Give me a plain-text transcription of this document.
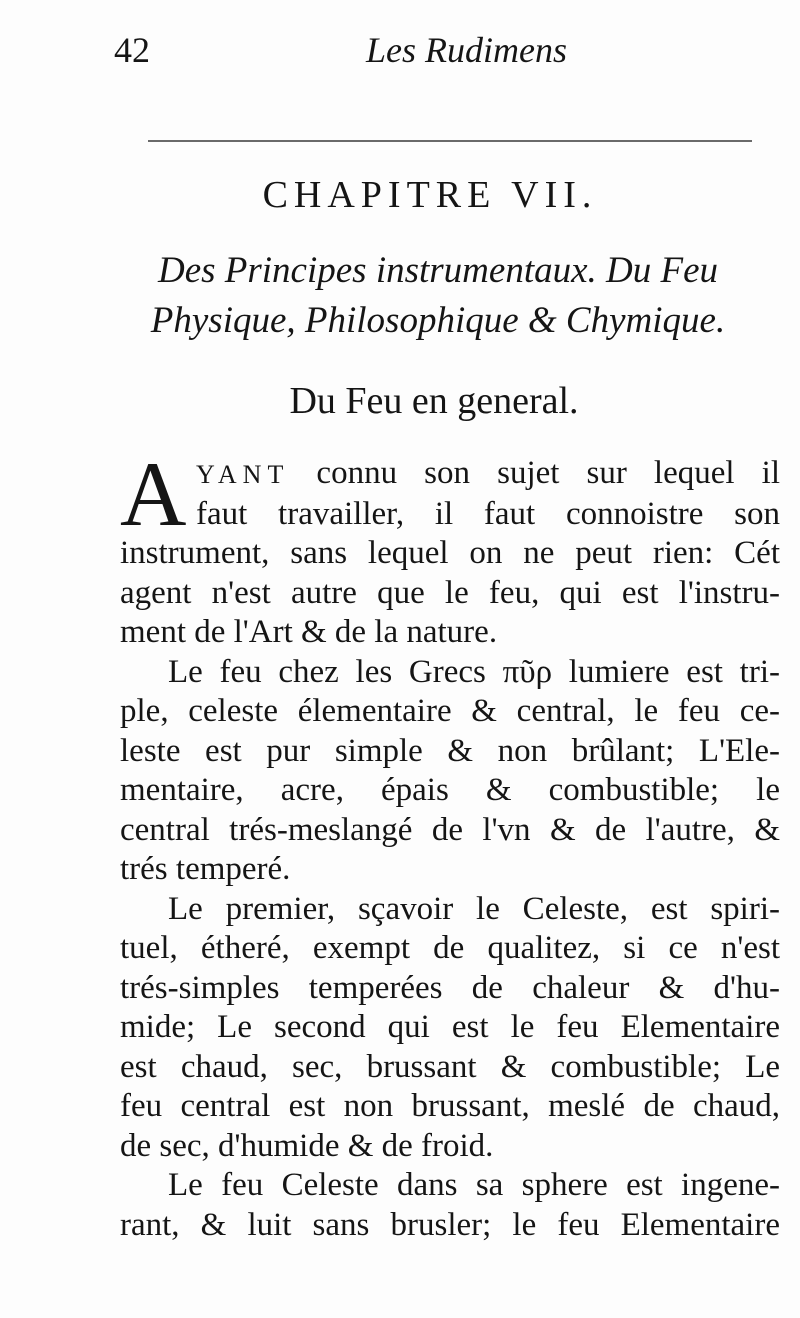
42	Les Rudimens
CHAPITRE VII.
Des Principes instrumentaux. Du Feu
Physique, Philosophique & Chymique.
Du Feu en general.
A YANT connu son sujet sur lequel il
faut travailler, il faut connoistre son
instrument, sans lequel on ne peut rien: Cét
agent n'est autre que le feu, qui est l'instru-
ment de l'Art & de la nature.
Le feu chez les Grecs πῦρ lumiere est tri-
ple, celeste élementaire & central, le feu ce-
leste est pur simple & non brûlant; L'Ele-
mentaire, acre, épais & combustible; le
central trés-meslangé de l'vn & de l'autre, &
trés temperé.
Le premier, sçavoir le Celeste, est spiri-
tuel, étheré, exempt de qualitez, si ce n'est
trés-simples temperées de chaleur & d'hu-
mide; Le second qui est le feu Elementaire
est chaud, sec, brussant & combustible; Le
feu central est non brussant, meslé de chaud,
de sec, d'humide & de froid.
Le feu Celeste dans sa sphere est ingene-
rant, & luit sans brusler; le feu Elementaire
